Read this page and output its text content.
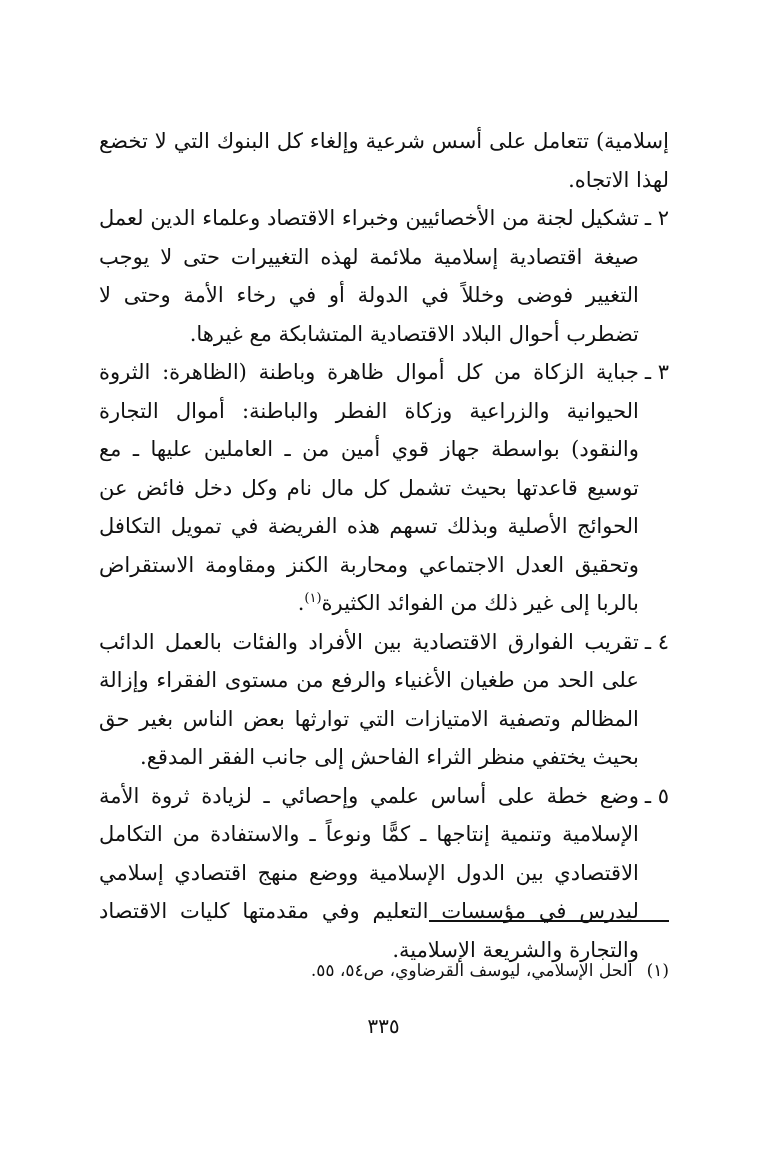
إسلامية) تتعامل على أسس شرعية وإلغاء كل البنوك التي لا تخضع لهذا الاتجاه.

٢ ـ
تشكيل لجنة من الأخصائيين وخبراء الاقتصاد وعلماء الدين لعمل صيغة اقتصادية إسلامية ملائمة لهذه التغييرات حتى لا يوجب التغيير فوضى وخللاً في الدولة أو في رخاء الأمة وحتى لا تضطرب أحوال البلاد الاقتصادية المتشابكة مع غيرها.
٣ ـ
جباية الزكاة من كل أموال ظاهرة وباطنة (الظاهرة: الثروة الحيوانية والزراعية وزكاة الفطر والباطنة: أموال التجارة والنقود) بواسطة جهاز قوي أمين من ـ العاملين عليها ـ مع توسيع قاعدتها بحيث تشمل كل مال نام وكل دخل فائض عن الحوائج الأصلية وبذلك تسهم هذه الفريضة في تمويل التكافل وتحقيق العدل الاجتماعي ومحاربة الكنز ومقاومة الاستقراض بالربا إلى غير ذلك من الفوائد الكثيرة$^{(١)}$.
٤ ـ
تقريب الفوارق الاقتصادية بين الأفراد والفئات بالعمل الدائب على الحد من طغيان الأغنياء والرفع من مستوى الفقراء وإزالة المظالم وتصفية الامتيازات التي توارثها بعض الناس بغير حق بحيث يختفي منظر الثراء الفاحش إلى جانب الفقر المدقع.
٥ ـ
وضع خطة على أساس علمي وإحصائي ـ لزيادة ثروة الأمة الإسلامية وتنمية إنتاجها ـ كمًّا ونوعاً ـ والاستفادة من التكامل الاقتصادي بين الدول الإسلامية ووضع منهج اقتصادي إسلامي ليدرس في مؤسسات التعليم وفي مقدمتها كليات الاقتصاد والتجارة والشريعة الإسلامية.
(١)
الحل الإسلامي، ليوسف القرضاوي، ص٥٤، ٥٥.
٣٣٥
